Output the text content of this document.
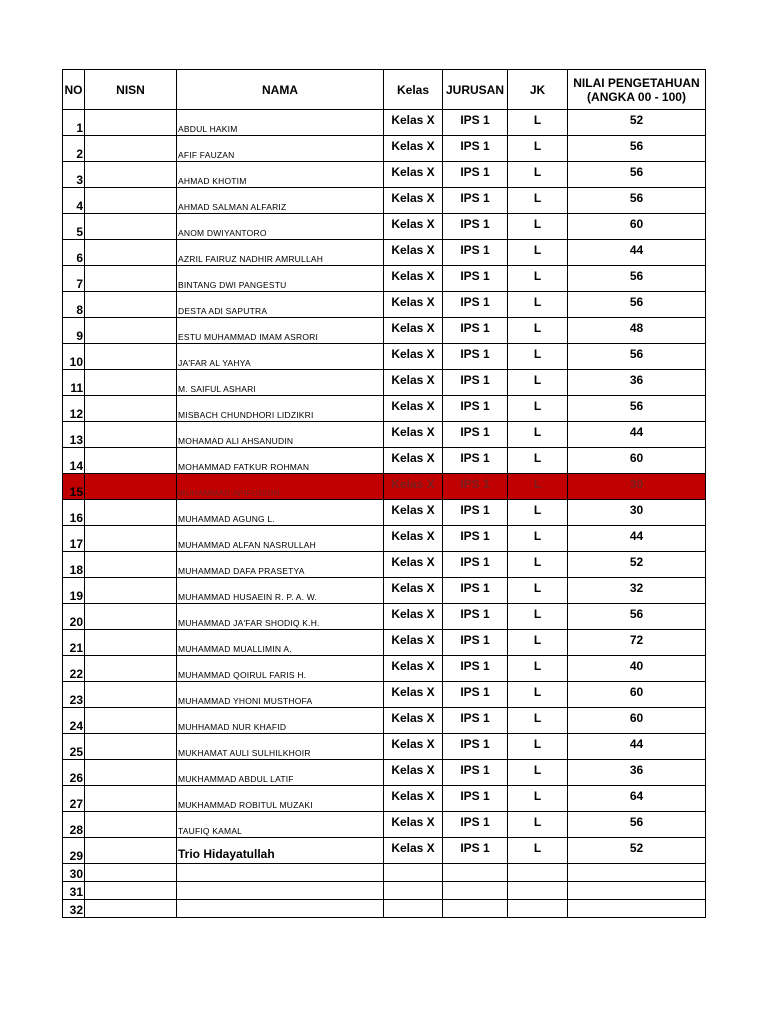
NO	NISN	NAMA	Kelas	JURUSAN	JK	NILAI PENGETAHUAN
(ANGKA 00 - 100)

1		ABDUL HAKIM	Kelas X	IPS 1	L	52
2		AFIF FAUZAN	Kelas X	IPS 1	L	56
3		AHMAD KHOTIM	Kelas X	IPS 1	L	56
4		AHMAD SALMAN ALFARIZ	Kelas X	IPS 1	L	56
5		ANOM DWIYANTORO	Kelas X	IPS 1	L	60
6		AZRIL FAIRUZ NADHIR AMRULLAH	Kelas X	IPS 1	L	44
7		BINTANG DWI PANGESTU	Kelas X	IPS 1	L	56
8		DESTA ADI SAPUTRA	Kelas X	IPS 1	L	56
9		ESTU MUHAMMAD IMAM ASRORI	Kelas X	IPS 1	L	48
10		JA'FAR AL YAHYA	Kelas X	IPS 1	L	56
11		M. SAIFUL ASHARI	Kelas X	IPS 1	L	36
12		MISBACH CHUNDHORI LIDZIKRI	Kelas X	IPS 1	L	56
13		MOHAMAD ALI AHSANUDIN	Kelas X	IPS 1	L	44
14		MOHAMMAD FATKUR ROHMAN	Kelas X	IPS 1	L	60
15		MUHAMMAD AFIFUDDIN	Kelas X	IPS 1	L	30
16		MUHAMMAD AGUNG L.	Kelas X	IPS 1	L	30
17		MUHAMMAD ALFAN NASRULLAH	Kelas X	IPS 1	L	44
18		MUHAMMAD DAFA PRASETYA	Kelas X	IPS 1	L	52
19		MUHAMMAD HUSAEIN R. P. A. W.	Kelas X	IPS 1	L	32
20		MUHAMMAD JA'FAR SHODIQ K.H.	Kelas X	IPS 1	L	56
21		MUHAMMAD MUALLIMIN A.	Kelas X	IPS 1	L	72
22		MUHAMMAD QOIRUL FARIS H.	Kelas X	IPS 1	L	40
23		MUHAMMAD YHONI MUSTHOFA	Kelas X	IPS 1	L	60
24		MUHHAMAD NUR KHAFID	Kelas X	IPS 1	L	60
25		MUKHAMAT AULI SULHILKHOIR	Kelas X	IPS 1	L	44
26		MUKHAMMAD ABDUL LATIF	Kelas X	IPS 1	L	36
27		MUKHAMMAD ROBITUL MUZAKI	Kelas X	IPS 1	L	64
28		TAUFIQ KAMAL	Kelas X	IPS 1	L	56
29		Trio Hidayatullah	Kelas X	IPS 1	L	52
30						
31						
32						
